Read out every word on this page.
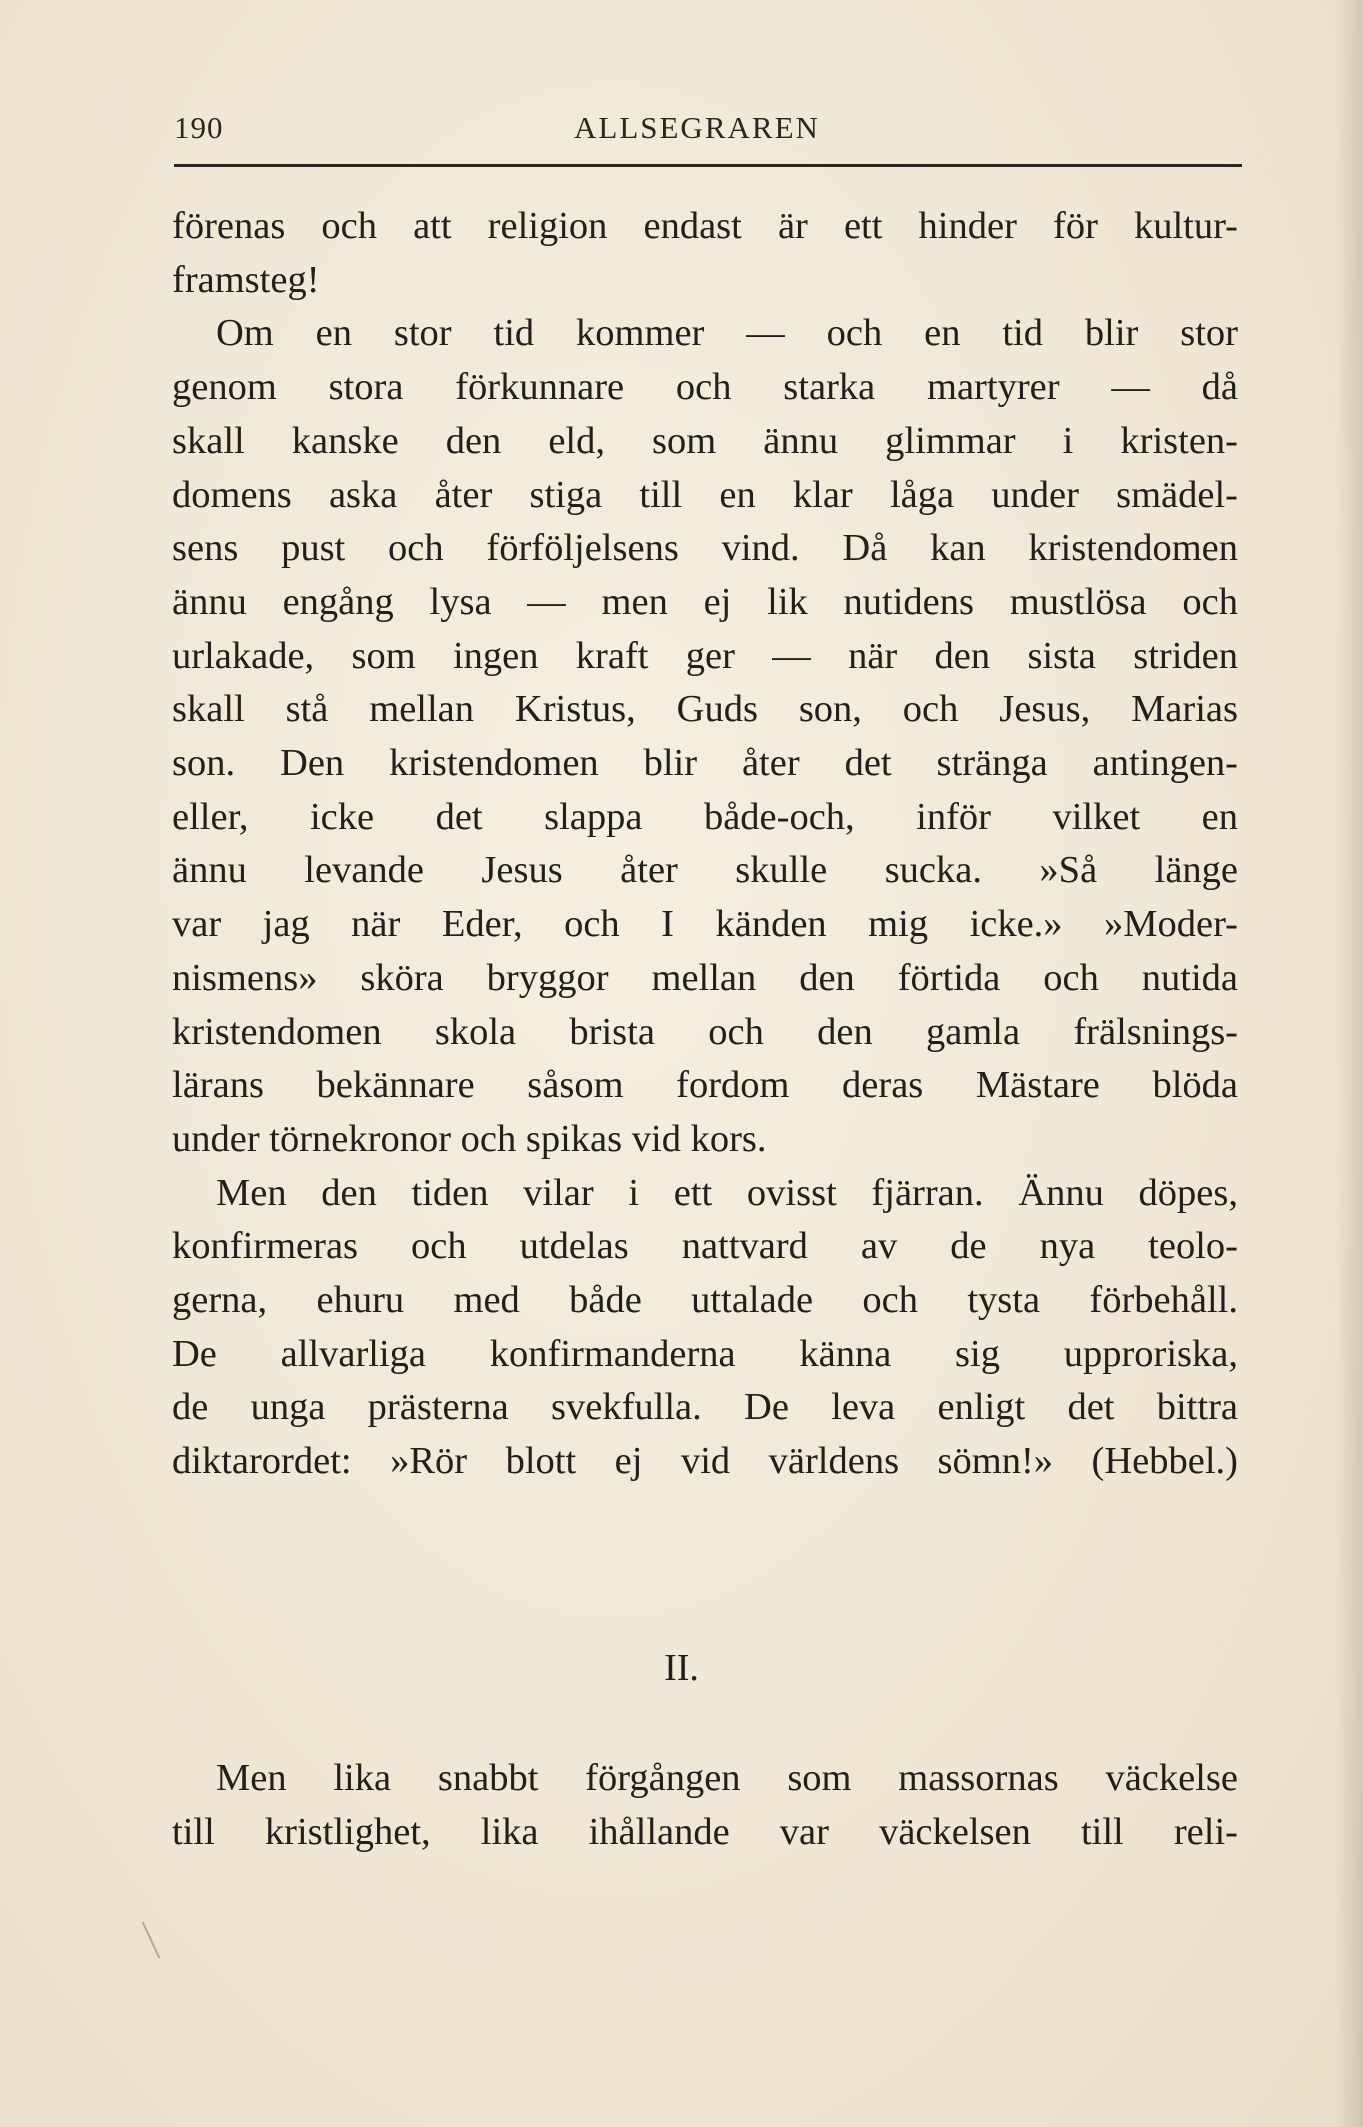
190	ALLSEGRAREN

förenas och att religion endast är ett hinder för kultur-
framsteg!

Om en stor tid kommer — och en tid blir stor
genom stora förkunnare och starka martyrer — då
skall kanske den eld, som ännu glimmar i kristen-
domens aska åter stiga till en klar låga under smädel-
sens pust och förföljelsens vind. Då kan kristendomen
ännu engång lysa — men ej lik nutidens mustlösa och
urlakade, som ingen kraft ger — när den sista striden
skall stå mellan Kristus, Guds son, och Jesus, Marias
son. Den kristendomen blir åter det stränga antingen-
eller, icke det slappa både-och, inför vilket en
ännu levande Jesus åter skulle sucka. »Så länge
var jag när Eder, och I känden mig icke.» »Moder-
nismens» sköra bryggor mellan den förtida och nutida
kristendomen skola brista och den gamla frälsnings-
lärans bekännare såsom fordom deras Mästare blöda
under törnekronor och spikas vid kors.

Men den tiden vilar i ett ovisst fjärran. Ännu döpes,
konfirmeras och utdelas nattvard av de nya teolo-
gerna, ehuru med både uttalade och tysta förbehåll.
De allvarliga konfirmanderna känna sig upproriska,
de unga prästerna svekfulla. De leva enligt det bittra
diktarordet: »Rör blott ej vid världens sömn!» (Hebbel.)

II.
Men lika snabbt förgången som massornas väckelse
till kristlighet, lika ihållande var väckelsen till reli-
